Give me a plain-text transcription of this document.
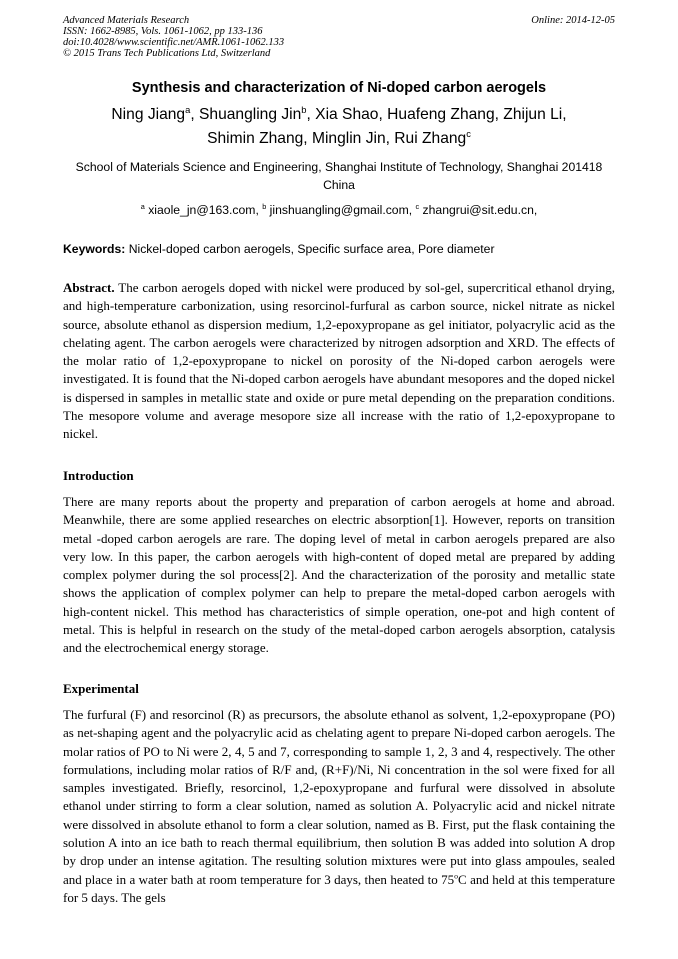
Advanced Materials Research
ISSN: 1662-8985, Vols. 1061-1062, pp 133-136
doi:10.4028/www.scientific.net/AMR.1061-1062.133
© 2015 Trans Tech Publications Ltd, Switzerland
Online: 2014-12-05
Synthesis and characterization of Ni-doped carbon aerogels
Ning Jiang$^a$, Shuangling Jin$^b$, Xia Shao, Huafeng Zhang, Zhijun Li,
Shimin Zhang, Minglin Jin, Rui Zhang$^c$
School of Materials Science and Engineering, Shanghai Institute of Technology, Shanghai 201418 China
$^a$ xiaole_jn@163.com, $^b$ jinshuangling@gmail.com, $^c$ zhangrui@sit.edu.cn,
Keywords: Nickel-doped carbon aerogels, Specific surface area, Pore diameter

Abstract. The carbon aerogels doped with nickel were produced by sol-gel, supercritical ethanol drying, and high-temperature carbonization, using resorcinol-furfural as carbon source, nickel nitrate as nickel source, absolute ethanol as dispersion medium, 1,2-epoxypropane as gel initiator, polyacrylic acid as the chelating agent. The carbon aerogels were characterized by nitrogen adsorption and XRD. The effects of the molar ratio of 1,2-epoxypropane to nickel on porosity of the Ni-doped carbon aerogels were investigated. It is found that the Ni-doped carbon aerogels have abundant mesopores and the doped nickel is dispersed in samples in metallic state and oxide or pure metal depending on the preparation conditions. The mesopore volume and average mesopore size all increase with the ratio of 1,2-epoxypropane to nickel.

Introduction

There are many reports about the property and preparation of carbon aerogels at home and abroad. Meanwhile, there are some applied researches on electric absorption[1]. However, reports on transition metal -doped carbon aerogels are rare. The doping level of metal in carbon aerogels prepared are also very low. In this paper, the carbon aerogels with high-content of doped metal are prepared by adding complex polymer during the sol process[2]. And the characterization of the porosity and metallic state shows the application of complex polymer can help to prepare the metal-doped carbon aerogels with high-content nickel. This method has characteristics of simple operation, one-pot and high content of metal. This is helpful in research on the study of the metal-doped carbon aerogels absorption, catalysis and the electrochemical energy storage.

Experimental

The furfural (F) and resorcinol (R) as precursors, the absolute ethanol as solvent, 1,2-epoxypropane (PO) as net-shaping agent and the polyacrylic acid as chelating agent to prepare Ni-doped carbon aerogels. The molar ratios of PO to Ni were 2, 4, 5 and 7, corresponding to sample 1, 2, 3 and 4, respectively. The other formulations, including molar ratios of R/F and, (R+F)/Ni, Ni concentration in the sol were fixed for all samples investigated. Briefly, resorcinol, 1,2-epoxypropane and furfural were dissolved in absolute ethanol under stirring to form a clear solution, named as solution A. Polyacrylic acid and nickel nitrate were dissolved in absolute ethanol to form a clear solution, named as B. First, put the flask containing the solution A into an ice bath to reach thermal equilibrium, then solution B was added into solution A drop by drop under an intense agitation. The resulting solution mixtures were put into glass ampoules, sealed and place in a water bath at room temperature for 3 days, then heated to 75$^o$C and held at this temperature for 5 days. The gels
